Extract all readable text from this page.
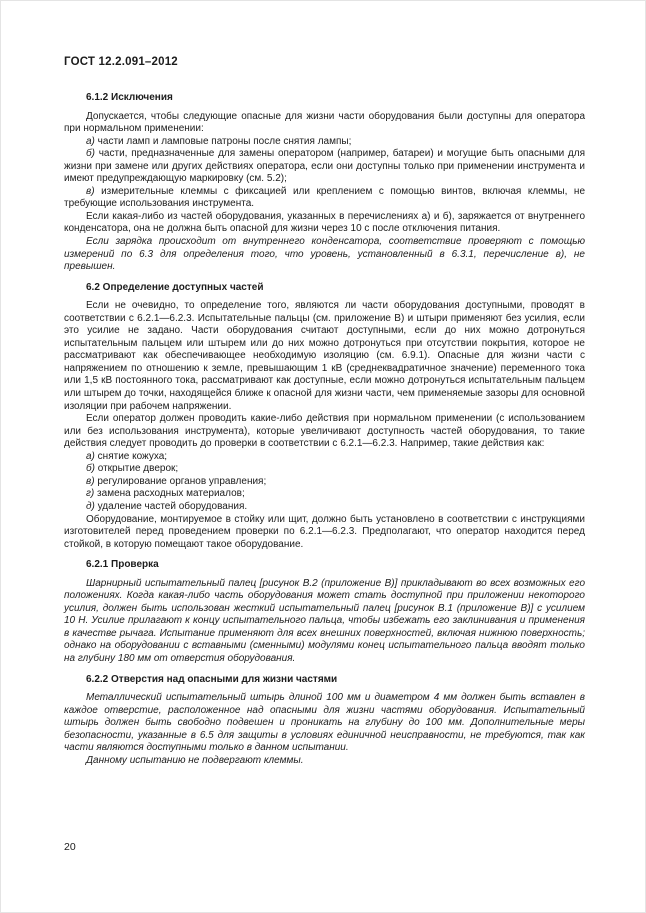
ГОСТ 12.2.091–2012

6.1.2 Исключения

Допускается, чтобы следующие опасные для жизни части оборудования были доступны для оператора при нормальном применении:

а) части ламп и ламповые патроны после снятия лампы;

б) части, предназначенные для замены оператором (например, батареи) и могущие быть опасными для жизни при замене или других действиях оператора, если они доступны только при применении инструмента и имеют предупреждающую маркировку (см. 5.2);

в) измерительные клеммы с фиксацией или креплением с помощью винтов, включая клеммы, не требующие использования инструмента.

Если какая-либо из частей оборудования, указанных в перечислениях а) и б), заряжается от внутреннего конденсатора, она не должна быть опасной для жизни через 10 с после отключения питания.

Если зарядка происходит от внутреннего конденсатора, соответствие проверяют с помощью измерений по 6.3 для определения того, что уровень, установленный в 6.3.1, перечисление в), не превышен.

6.2 Определение доступных частей

Если не очевидно, то определение того, являются ли части оборудования доступными, проводят в соответствии с 6.2.1—6.2.3. Испытательные пальцы (см. приложение В) и штыри применяют без усилия, если это усилие не задано. Части оборудования считают доступными, если до них можно дотронуться испытательным пальцем или штырем или до них можно дотронуться при отсутствии покрытия, которое не рассматривают как обеспечивающее необходимую изоляцию (см. 6.9.1). Опасные для жизни части с напряжением по отношению к земле, превышающим 1 кВ (среднеквадратичное значение) переменного тока или 1,5 кВ постоянного тока, рассматривают как доступные, если можно дотронуться испытательным пальцем или штырем до точки, находящейся ближе к опасной для жизни части, чем применяемые зазоры для основной изоляции при рабочем напряжении.

Если оператор должен проводить какие-либо действия при нормальном применении (с использованием или без использования инструмента), которые увеличивают доступность частей оборудования, то такие действия следует проводить до проверки в соответствии с 6.2.1—6.2.3. Например, такие действия как:

а) снятие кожуха;

б) открытие дверок;

в) регулирование органов управления;

г) замена расходных материалов;

д) удаление частей оборудования.

Оборудование, монтируемое в стойку или щит, должно быть установлено в соответствии с инструкциями изготовителей перед проведением проверки по 6.2.1—6.2.3. Предполагают, что оператор находится перед стойкой, в которую помещают такое оборудование.

6.2.1 Проверка

Шарнирный испытательный палец [рисунок В.2 (приложение В)] прикладывают во всех возможных его положениях. Когда какая-либо часть оборудования может стать доступной при приложении некоторого усилия, должен быть использован жесткий испытательный палец [рисунок В.1 (приложение В)] с усилием 10 Н. Усилие прилагают к концу испытательного пальца, чтобы избежать его заклинивания и применения в качестве рычага. Испытание применяют для всех внешних поверхностей, включая нижнюю поверхность; однако на оборудовании с вставными (сменными) модулями конец испытательного пальца вводят только на глубину 180 мм от отверстия оборудования.

6.2.2 Отверстия над опасными для жизни частями

Металлический испытательный штырь длиной 100 мм и диаметром 4 мм должен быть вставлен в каждое отверстие, расположенное над опасными для жизни частями оборудования. Испытательный штырь должен быть свободно подвешен и проникать на глубину до 100 мм. Дополнительные меры безопасности, указанные в 6.5 для защиты в условиях единичной неисправности, не требуются, так как части являются доступными только в данном испытании.

Данному испытанию не подвергают клеммы.

20
